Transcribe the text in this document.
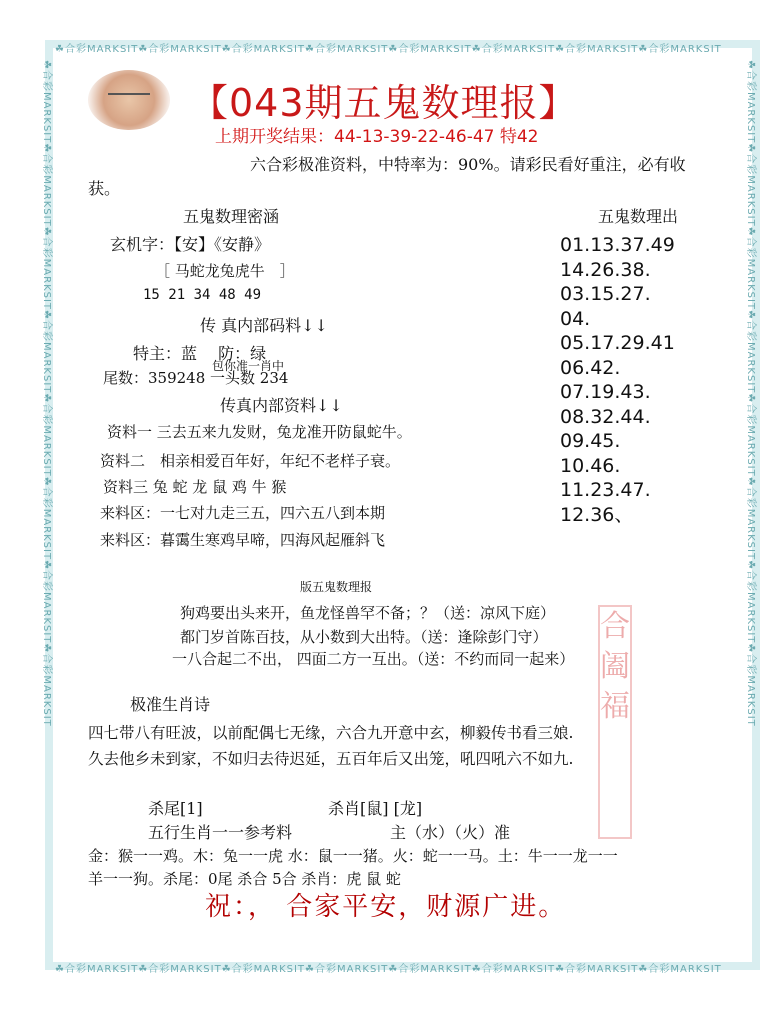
☘合彩MARKSIT☘合彩MARKSIT☘合彩MARKSIT☘合彩MARKSIT☘合彩MARKSIT☘合彩MARKSIT☘合彩MARKSIT☘合彩MARKSIT
☘合彩MARKSIT☘合彩MARKSIT☘合彩MARKSIT☘合彩MARKSIT☘合彩MARKSIT☘合彩MARKSIT☘合彩MARKSIT☘合彩MARKSIT
☘合彩MARKSIT☘合彩MARKSIT☘合彩MARKSIT☘合彩MARKSIT☘合彩MARKSIT☘合彩MARKSIT☘合彩MARKSIT☘合彩MARKSIT	☘合彩MARKSIT☘合彩MARKSIT☘合彩MARKSIT☘合彩MARKSIT☘合彩MARKSIT☘合彩MARKSIT☘合彩MARKSIT☘合彩MARKSIT
【043期五鬼数理报】
上期开奖结果：44-13-39-22-46-47 特42
六合彩极准资料，中特率为：90%。请彩民看好重注，必有收
获。
五鬼数理密涵
玄机字：【安】《安静》
［ 马蛇龙兔虎牛　］
15 21 34 48 49
传 真内部码料↓↓
特主：蓝　 防：绿
包你准一肖中
尾数：359248 一头数 234
传真内部资料↓↓
资料一 三去五来九发财，兔龙准开防鼠蛇牛。
资料二　相亲相爱百年好，年纪不老样子衰。
资料三 兔 蛇 龙 鼠 鸡 牛 猴
来料区：一七对九走三五，四六五八到本期
来料区：暮霭生寒鸡早啼，四海风起雁斜飞
五鬼数理出
01.13.37.49
14.26.38.
03.15.27.
04.
05.17.29.41
06.42.
07.19.43.
08.32.44.
09.45.
10.46.
11.23.47.
12.36、
版五鬼数理报
狗鸡要出头来开，鱼龙怪兽罕不备；？（送：凉风下庭）
都门岁首陈百技，从小数到大出特。（送：逢除彭门守）
一八合起二不出， 四面二方一互出。（送：不约而同一起来）
合阖福
极准生肖诗
四七带八有旺波，以前配偶七无缘，六合九开意中玄，柳毅传书看三娘.
久去他乡未到家，不如归去待迟延，五百年后又出笼，吼四吼六不如九.
杀尾[1]	杀肖[鼠] [龙]
五行生肖一一参考料	主（水）（火）准
金：猴一一鸡。木：兔一一虎 水：鼠一一猪。火：蛇一一马。土：牛一一龙一一
羊一一狗。杀尾：0尾 杀合 5合 杀肖：虎 鼠 蛇
祝：， 合家平安，财源广进。
